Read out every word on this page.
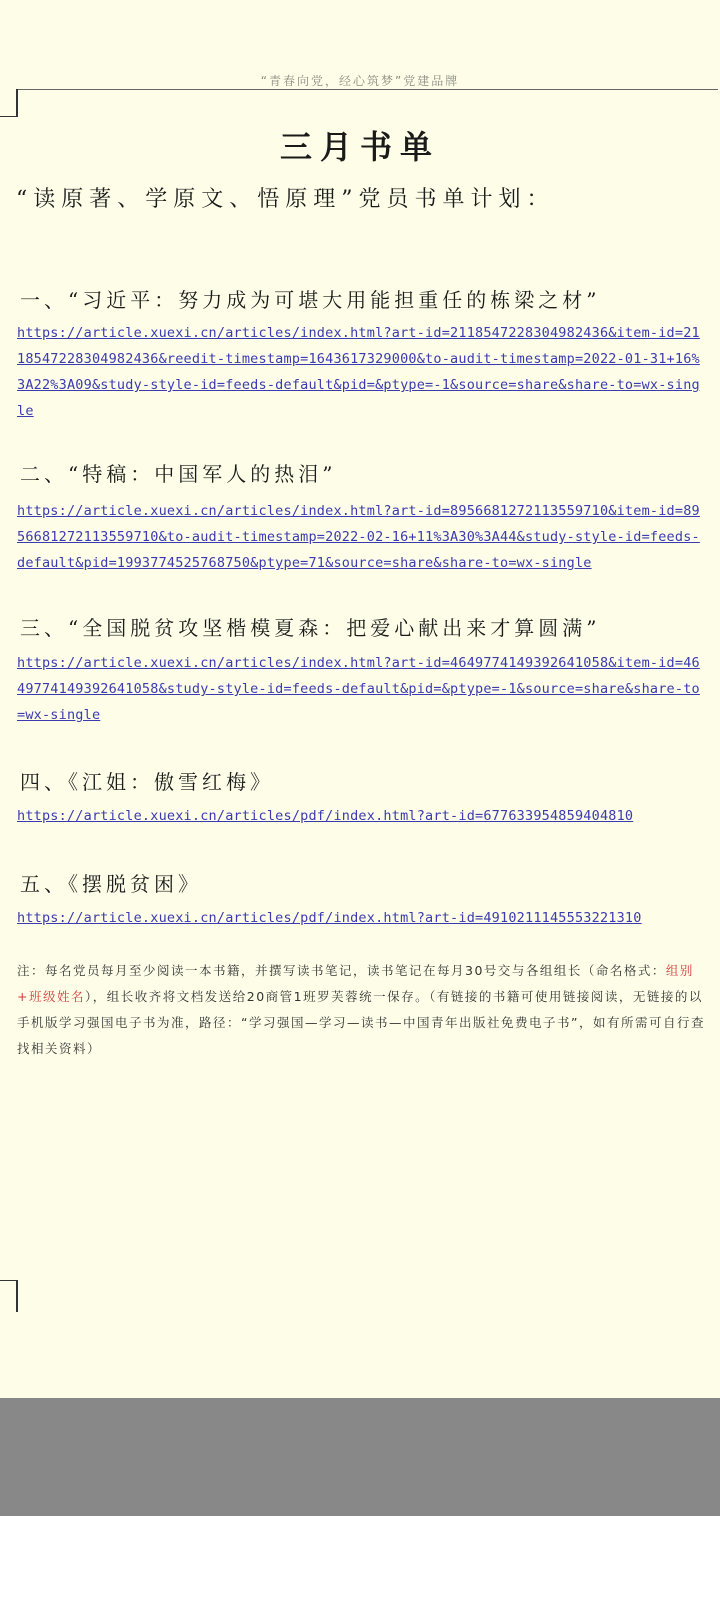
“青春向党，经心筑梦”党建品牌
三月书单
“读原著、学原文、悟原理”党员书单计划：
一、“习近平：努力成为可堪大用能担重任的栋梁之材”
https://article.xuexi.cn/articles/index.html?art-id=2118547228304982436&item-id=2118547228304982436&reedit-timestamp=1643617329000&to-audit-timestamp=2022-01-31+16%3A22%3A09&study-style-id=feeds-default&pid=&ptype=-1&source=share&share-to=wx-single
二、“特稿：中国军人的热泪”
https://article.xuexi.cn/articles/index.html?art-id=8956681272113559710&item-id=8956681272113559710&to-audit-timestamp=2022-02-16+11%3A30%3A44&study-style-id=feeds-default&pid=1993774525768750&ptype=71&source=share&share-to=wx-single
三、“全国脱贫攻坚楷模夏森：把爱心献出来才算圆满”
https://article.xuexi.cn/articles/index.html?art-id=4649774149392641058&item-id=4649774149392641058&study-style-id=feeds-default&pid=&ptype=-1&source=share&share-to=wx-single
四、《江姐：傲雪红梅》
https://article.xuexi.cn/articles/pdf/index.html?art-id=6776339548594048​10
五、《摆脱贫困》
https://article.xuexi.cn/articles/pdf/index.html?art-id=491021114555322​1310
注：每名党员每月至少阅读一本书籍，并撰写读书笔记，读书笔记在每月30号交与各组组长（命名格式：组别+班级姓名），组长收齐将文档发送给20商管1班罗芙蓉统一保存。（有链接的书籍可使用链接阅读，无链接的以手机版学习强国电子书为准，路径：“学习强国—学习—读书—中国青年出版社免费电子书”，如有所需可自行查找相关资料）
